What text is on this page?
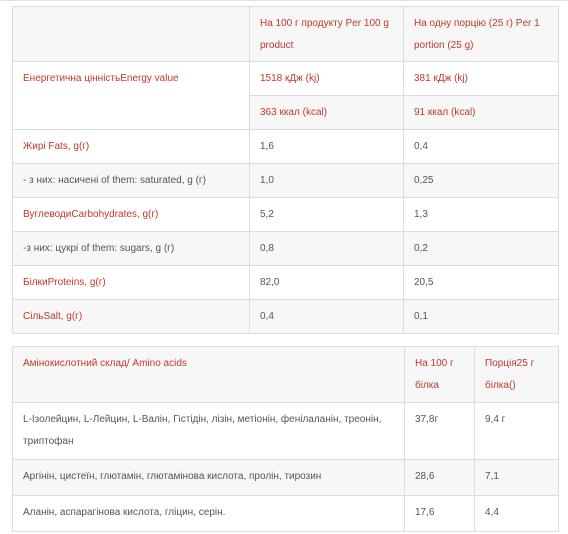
	На 100 г продукту Per 100 g product	На одну порцію (25 г) Per 1 portion (25 g)
Енергетична цінністьEnergy value	1518 кДж (kj)	381 кДж (kj)
	363 ккал (kcal)	91 ккал (kcal)
Жирі Fats, g(г)	1,6	0,4
- з них: насичені of them: saturated, g (г)	1,0	0,25
ВуглеводиCarbohydrates, g(г)	5,2	1,3
-з них: цукрі of them: sugars, g (г)	0,8	0,2
БілкиProteins, g(г)	82,0	20,5
СільSalt, g(г)	0,4	0,1
Амінокислотний склад/ Amino acids	На 100 г білка	Порція25 г білка()
L-Ізолейцин, L-Лейцин, L-Валін, Гістідін, лізін, метіонін, фенілаланін, треонін, триптофан	37,8г	9,4 г
Аргінін, цистеїн, глютамін, глютамінова кислота, пролін, тирозин	28,6	7,1
Аланін, аспарагінова кислота, гліцин, серін.	17,6	4,4
